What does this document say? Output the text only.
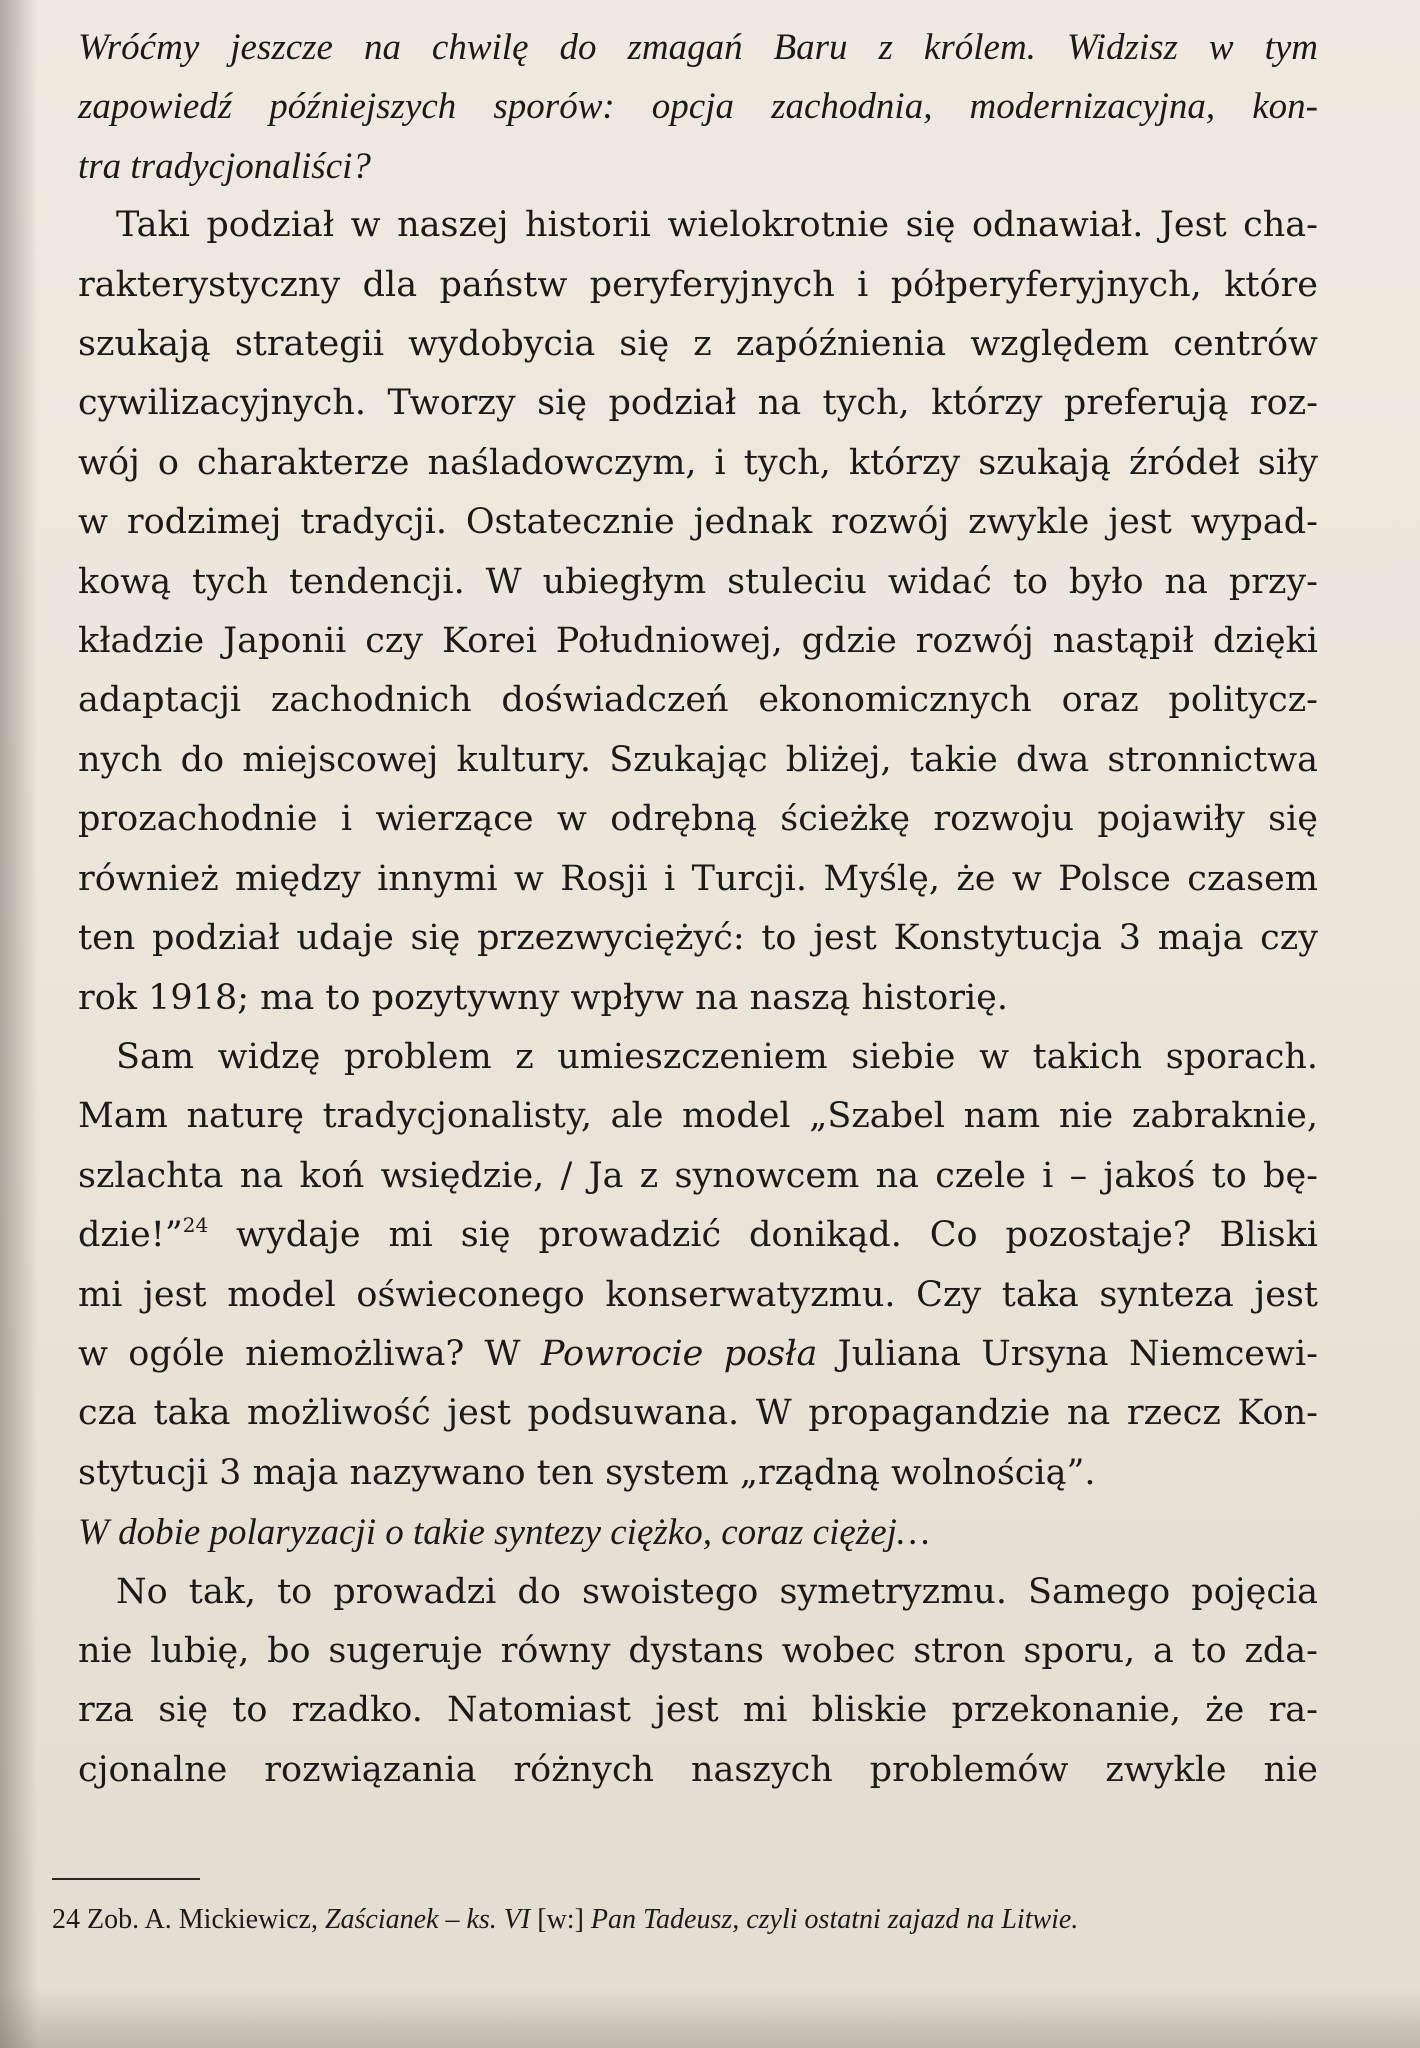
Wróćmy jeszcze na chwilę do zmagań Baru z królem. Widzisz w tym
zapowiedź późniejszych sporów: opcja zachodnia, modernizacyjna, kon-
tra tradycjonaliści?
Taki podział w naszej historii wielokrotnie się odnawiał. Jest cha-
rakterystyczny dla państw peryferyjnych i półperyferyjnych, które
szukają strategii wydobycia się z zapóźnienia względem centrów
cywilizacyjnych. Tworzy się podział na tych, którzy preferują roz-
wój o charakterze naśladowczym, i tych, którzy szukają źródeł siły
w rodzimej tradycji. Ostatecznie jednak rozwój zwykle jest wypad-
kową tych tendencji. W ubiegłym stuleciu widać to było na przy-
kładzie Japonii czy Korei Południowej, gdzie rozwój nastąpił dzięki
adaptacji zachodnich doświadczeń ekonomicznych oraz politycz-
nych do miejscowej kultury. Szukając bliżej, takie dwa stronnictwa
prozachodnie i wierzące w odrębną ścieżkę rozwoju pojawiły się
również między innymi w Rosji i Turcji. Myślę, że w Polsce czasem
ten podział udaje się przezwyciężyć: to jest Konstytucja 3 maja czy
rok 1918; ma to pozytywny wpływ na naszą historię.
Sam widzę problem z umieszczeniem siebie w takich sporach.
Mam naturę tradycjonalisty, ale model „Szabel nam nie zabraknie,
szlachta na koń wsiędzie, / Ja z synowcem na czele i – jakoś to bę-
dzie!”$^{24}$ wydaje mi się prowadzić donikąd. Co pozostaje? Bliski
mi jest model oświeconego konserwatyzmu. Czy taka synteza jest
w ogóle niemożliwa? W Powrocie posła Juliana Ursyna Niemcewi-
cza taka możliwość jest podsuwana. W propagandzie na rzecz Kon-
stytucji 3 maja nazywano ten system „rządną wolnością”.
W dobie polaryzacji o takie syntezy ciężko, coraz ciężej…
No tak, to prowadzi do swoistego symetryzmu. Samego pojęcia
nie lubię, bo sugeruje równy dystans wobec stron sporu, a to zda-
rza się to rzadko. Natomiast jest mi bliskie przekonanie, że ra-
cjonalne rozwiązania różnych naszych problemów zwykle nie
24 Zob. A. Mickiewicz, Zaścianek – ks. VI [w:] Pan Tadeusz, czyli ostatni zajazd na Litwie.
